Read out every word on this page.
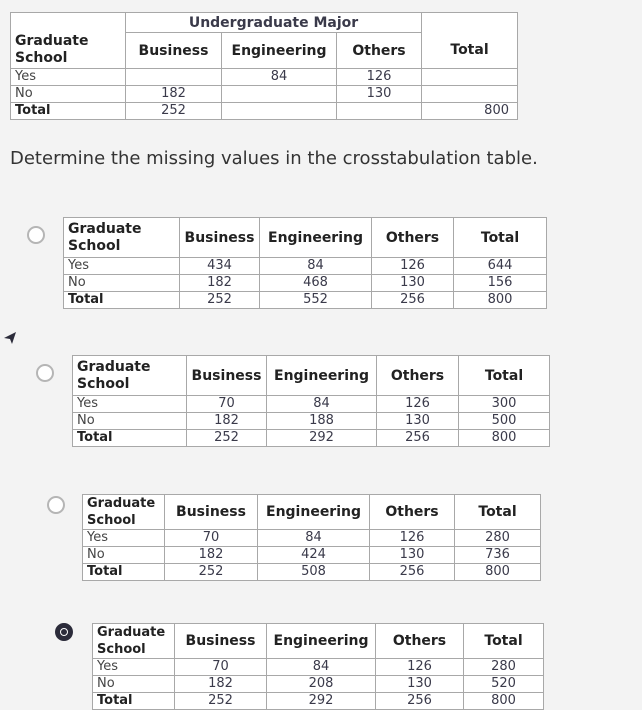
	Undergraduate Major			
Graduate
School	Business	Engineering	Others	Total
Yes		84	126	
No	182		130	
Total	252			800
Determine the missing values in the crosstabulation table.
Graduate
School	Business	Engineering	Others	Total
Yes	434	84	126	644
No	182	468	130	156
Total	252	552	256	800
Graduate
School	Business	Engineering	Others	Total
Yes	70	84	126	300
No	182	188	130	500
Total	252	292	256	800
Graduate
School	Business	Engineering	Others	Total
Yes	70	84	126	280
No	182	424	130	736
Total	252	508	256	800
Graduate
School	Business	Engineering	Others	Total
Yes	70	84	126	280
No	182	208	130	520
Total	252	292	256	800
